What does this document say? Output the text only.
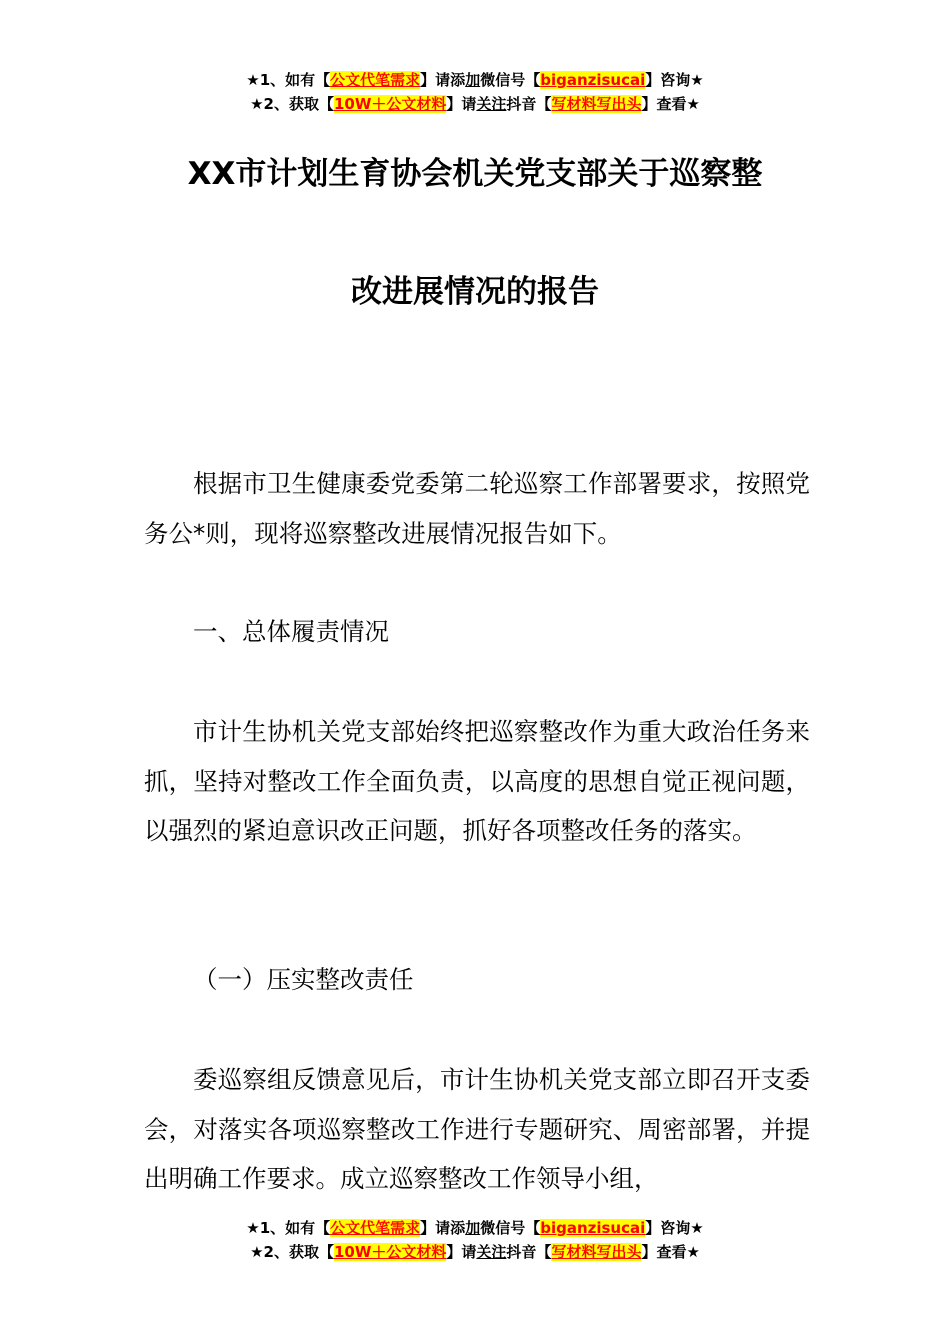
★1、如有【公文代笔需求】请添加微信号【biganzisucai】咨询★
★2、获取【10W＋公文材料】请关注抖音【写材料写出头】查看★
XX市计划生育协会机关党支部关于巡察整
改进展情况的报告

根据市卫生健康委党委第二轮巡察工作部署要求，按照党务公*则，现将巡察整改进展情况报告如下。

一、总体履责情况

市计生协机关党支部始终把巡察整改作为重大政治任务来抓，坚持对整改工作全面负责，以高度的思想自觉正视问题，以强烈的紧迫意识改正问题，抓好各项整改任务的落实。

（一）压实整改责任

委巡察组反馈意见后，市计生协机关党支部立即召开支委会，对落实各项巡察整改工作进行专题研究、周密部署，并提出明确工作要求。成立巡察整改工作领导小组，

★1、如有【公文代笔需求】请添加微信号【biganzisucai】咨询★
★2、获取【10W＋公文材料】请关注抖音【写材料写出头】查看★
